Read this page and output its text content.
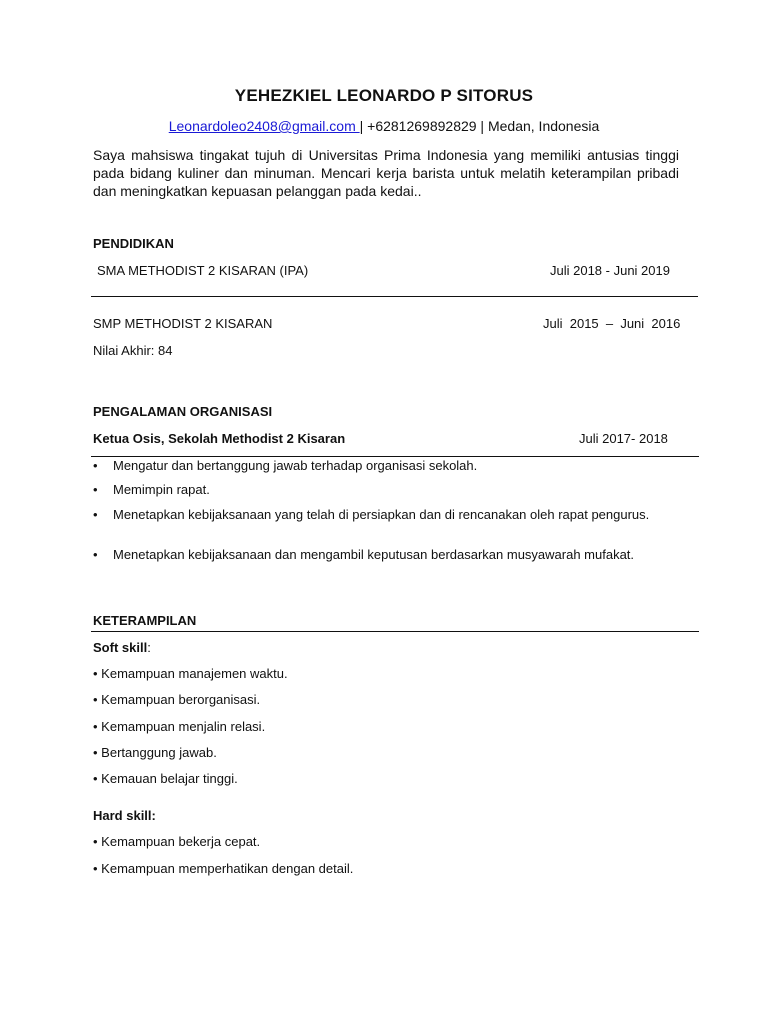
YEHEZKIEL LEONARDO P SITORUS
Leonardoleo2408@gmail.com | +6281269892829 | Medan, Indonesia
Saya mahsiswa tingakat tujuh di Universitas Prima Indonesia yang memiliki antusias tinggi pada bidang kuliner dan minuman. Mencari kerja barista untuk melatih keterampilan pribadi dan meningkatkan kepuasan pelanggan pada kedai..
PENDIDIKAN
SMA METHODIST 2 KISARAN (IPA)	Juli 2018 - Juni 2019
SMP METHODIST 2 KISARAN	Juli  2015  –  Juni  2016
Nilai Akhir: 84
PENGALAMAN ORGANISASI
Ketua Osis, Sekolah Methodist 2 Kisaran	Juli 2017- 2018
• Mengatur dan bertanggung jawab terhadap organisasi sekolah.
• Memimpin rapat.
• Menetapkan kebijaksanaan yang telah di persiapkan dan di rencanakan oleh rapat pengurus.
• Menetapkan kebijaksanaan dan mengambil keputusan berdasarkan musyawarah mufakat.
KETERAMPILAN
Soft skill:
• Kemampuan manajemen waktu.
• Kemampuan berorganisasi.
• Kemampuan menjalin relasi.
• Bertanggung jawab.
• Kemauan belajar tinggi.
Hard skill:
• Kemampuan bekerja cepat.
• Kemampuan memperhatikan dengan detail.
